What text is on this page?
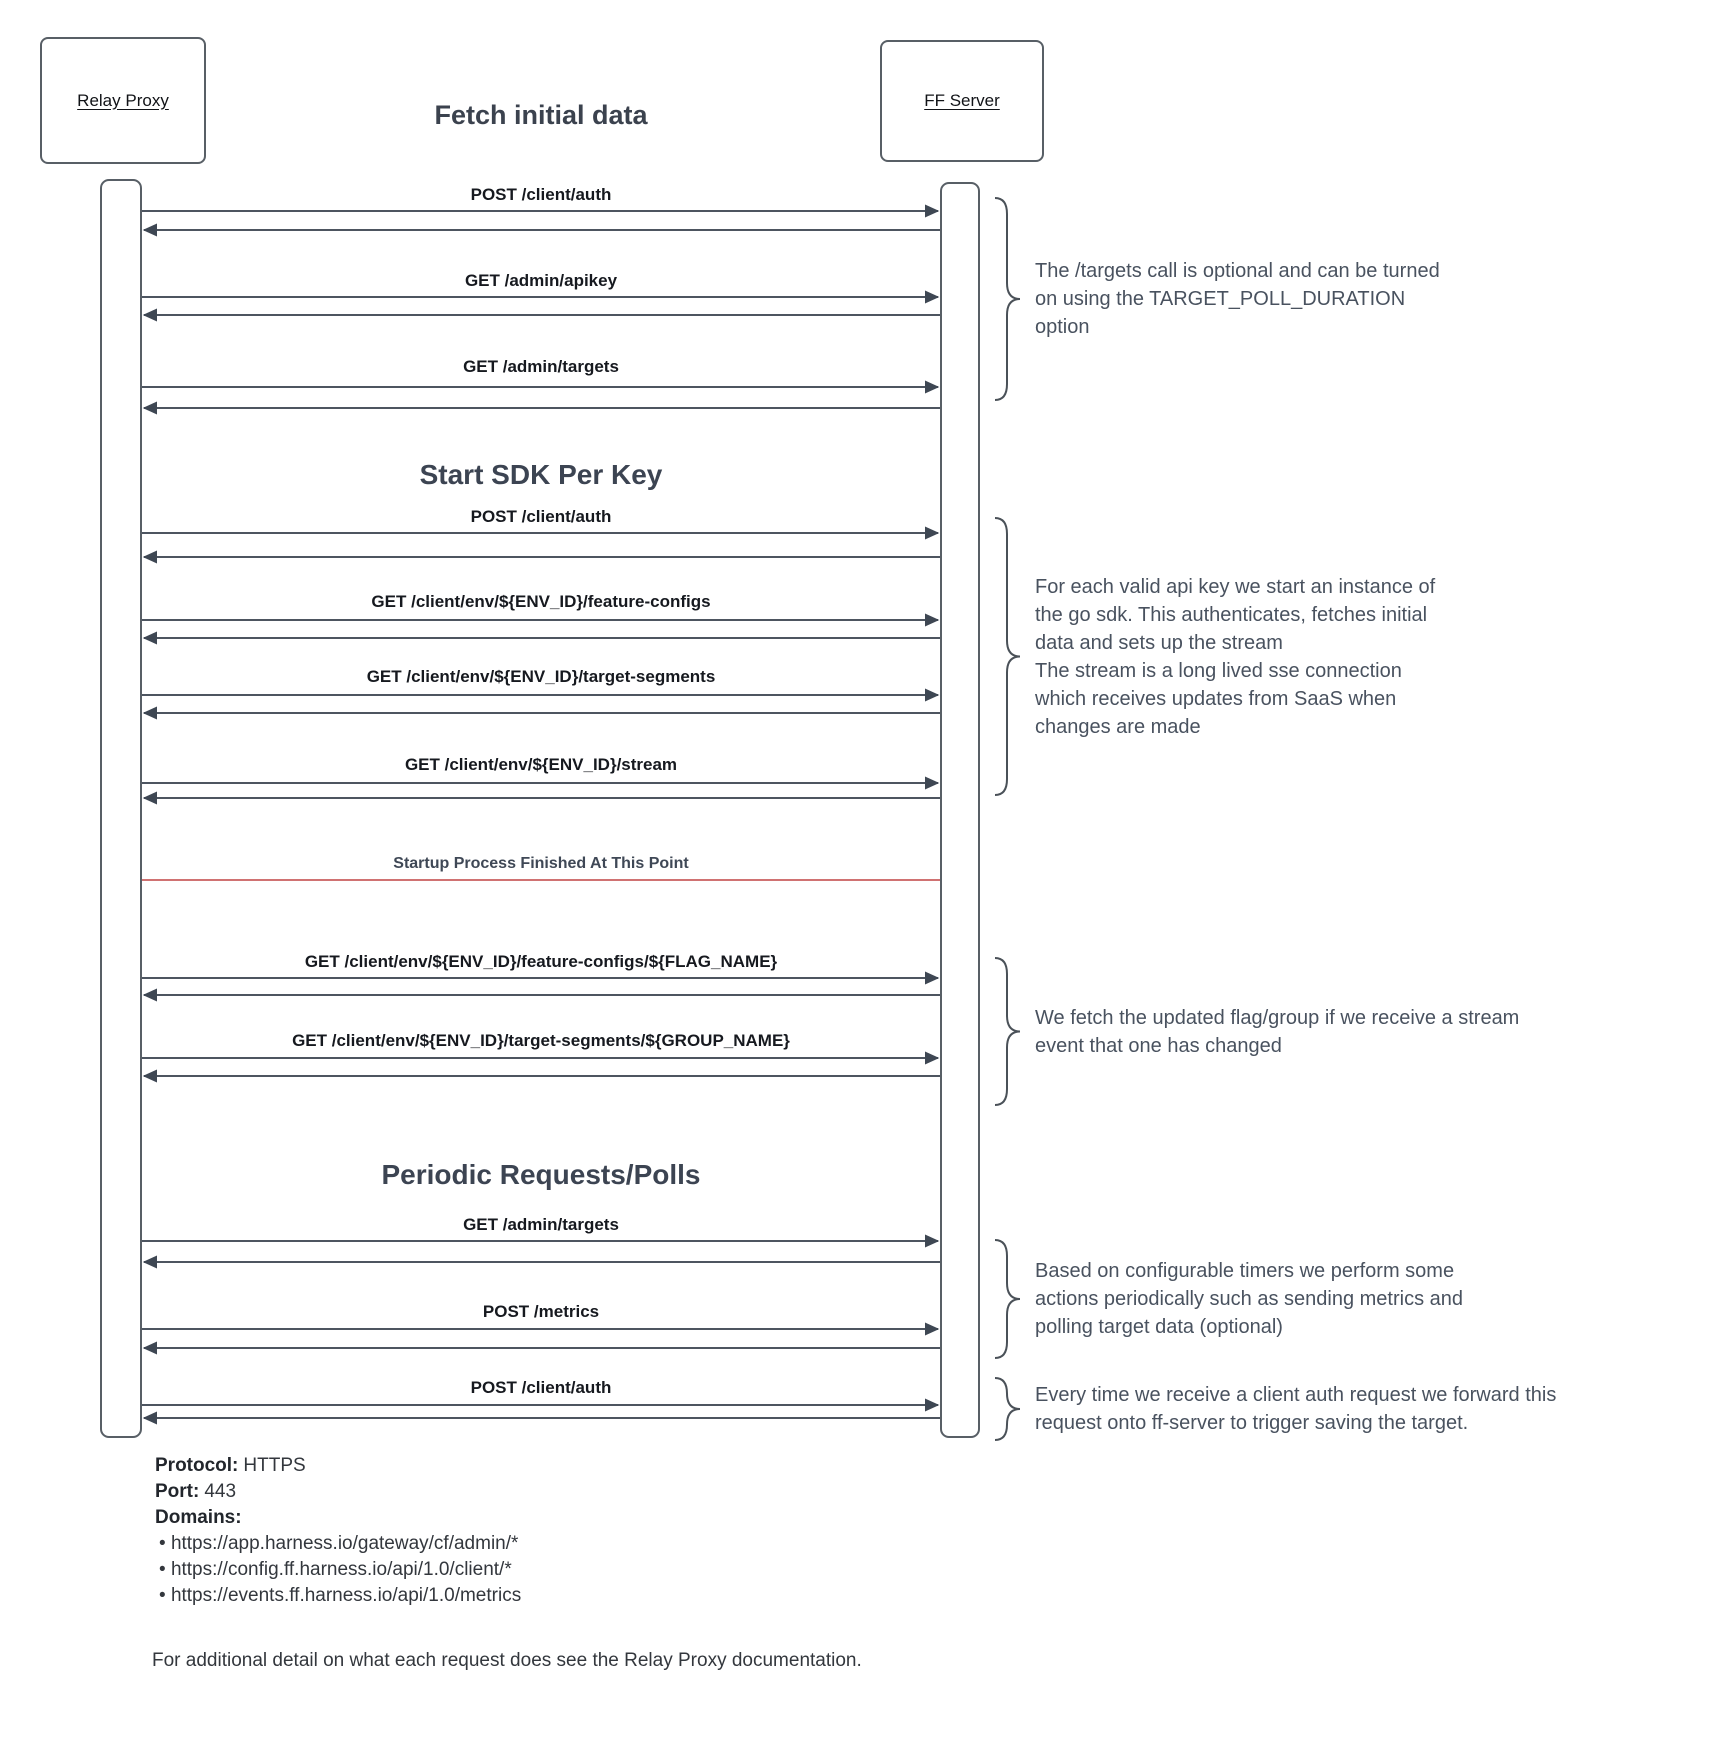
Relay Proxy	FF Server
Fetch initial data
POST /client/auth
GET /admin/apikey
GET /admin/targets
Start SDK Per Key
POST /client/auth
GET /client/env/${ENV_ID}/feature-configs
GET /client/env/${ENV_ID}/target-segments
GET /client/env/${ENV_ID}/stream
Startup Process Finished At This Point
GET /client/env/${ENV_ID}/feature-configs/${FLAG_NAME}
GET /client/env/${ENV_ID}/target-segments/${GROUP_NAME}
Periodic Requests/Polls
GET /admin/targets
POST /metrics
POST /client/auth
The /targets call is optional and can be turned
on using the TARGET_POLL_DURATION
option
For each valid api key we start an instance of
the go sdk. This authenticates, fetches initial
data and sets up the stream
The stream is a long lived sse connection
which receives updates from SaaS when
changes are made
We fetch the updated flag/group if we receive a stream
event that one has changed
Based on configurable timers we perform some
actions periodically such as sending metrics and
polling target data (optional)
Every time we receive a client auth request we forward this
request onto ff-server to trigger saving the target.
Protocol: HTTPS
Port: 443
Domains:
• https://app.harness.io/gateway/cf/admin/*
• https://config.ff.harness.io/api/1.0/client/*
• https://events.ff.harness.io/api/1.0/metrics
For additional detail on what each request does see the Relay Proxy documentation.
